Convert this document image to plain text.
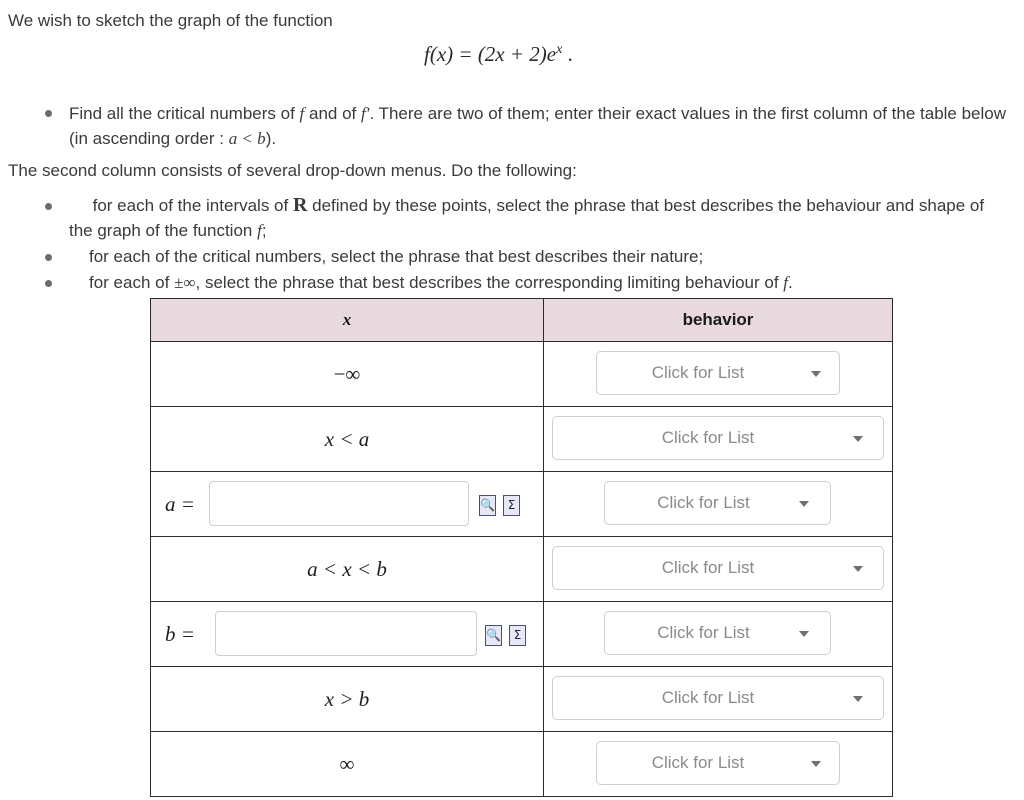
We wish to sketch the graph of the function
$f(x) = (2x + 2)e^x$ .
Find all the critical numbers of f and of f′. There are two of them; enter their exact values in the first column of the table below (in ascending order : a < b).
The second column consists of several drop-down menus. Do the following:
for each of the intervals of R defined by these points, select the phrase that best describes the behaviour and shape of the graph of the function f;
for each of the critical numbers, select the phrase that best describes their nature;
for each of ±∞, select the phrase that best describes the corresponding limiting behaviour of f.
x	behavior
−∞	Click for List

x < a	Click for List

a = 🔍 Σ	Click for List

a < x < b	Click for List

b = 🔍 Σ	Click for List

x > b	Click for List

∞	Click for List
